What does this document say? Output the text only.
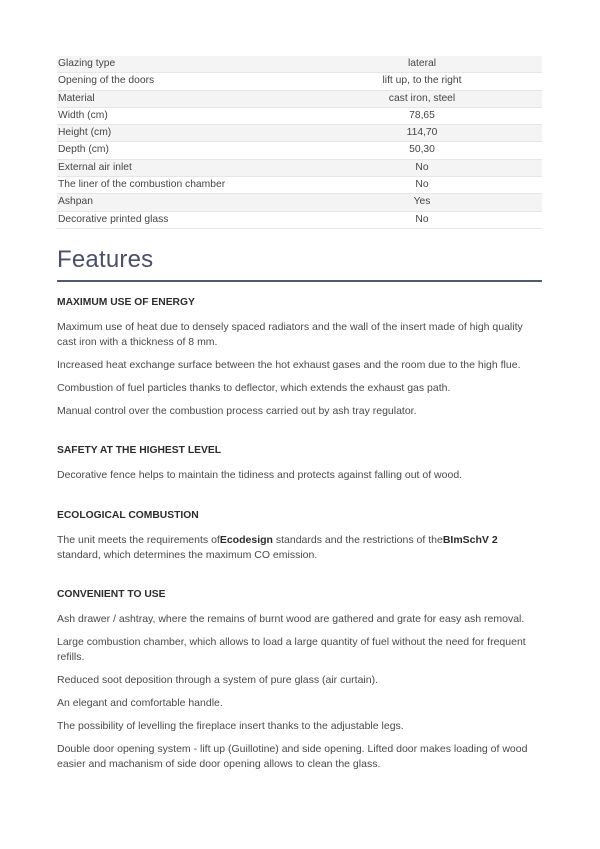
Glazing type	lateral
Opening of the doors	lift up, to the right
Material	cast iron, steel
Width (cm)	78,65
Height (cm)	114,70
Depth (cm)	50,30
External air inlet	No
The liner of the combustion chamber	No
Ashpan	Yes
Decorative printed glass	No
Features
MAXIMUM USE OF ENERGY

Maximum use of heat due to densely spaced radiators and the wall of the insert made of high quality cast iron with a thickness of 8 mm.

Increased heat exchange surface between the hot exhaust gases and the room due to the high flue.

Combustion of fuel particles thanks to deflector, which extends the exhaust gas path.

Manual control over the combustion process carried out by ash tray regulator.

SAFETY AT THE HIGHEST LEVEL

Decorative fence helps to maintain the tidiness and protects against falling out of wood.

ECOLOGICAL COMBUSTION

The unit meets the requirements ofEcodesign standards and the restrictions of theBImSchV 2 standard, which determines the maximum CO emission.

CONVENIENT TO USE

Ash drawer / ashtray, where the remains of burnt wood are gathered and grate for easy ash removal.

Large combustion chamber, which allows to load a large quantity of fuel without the need for frequent refills.

Reduced soot deposition through a system of pure glass (air curtain).

An elegant and comfortable handle.

The possibility of levelling the fireplace insert thanks to the adjustable legs.

Double door opening system - lift up (Guillotine) and side opening. Lifted door makes loading of wood easier and machanism of side door opening allows to clean the glass.
